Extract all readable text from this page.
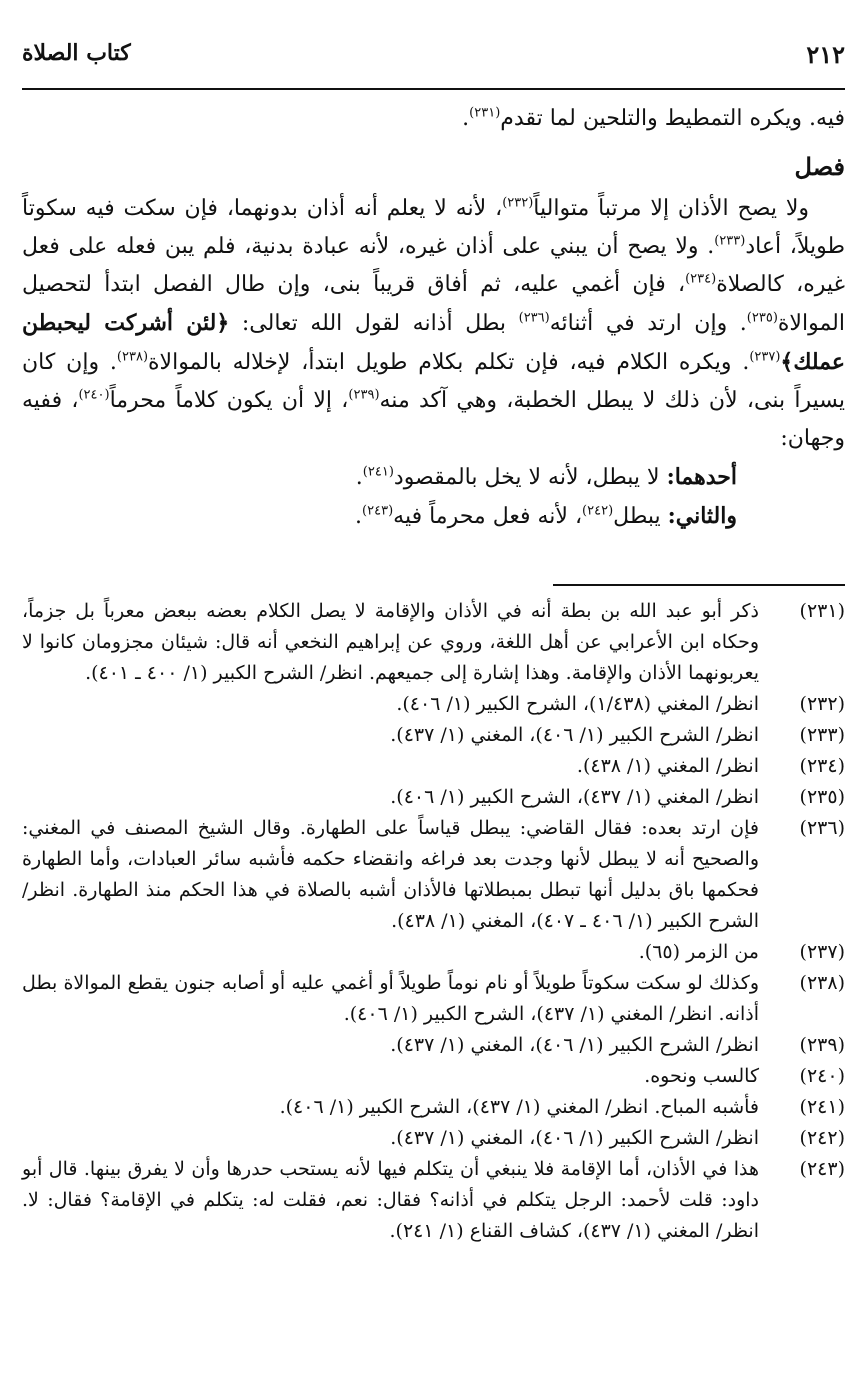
٢١٢
كتاب الصلاة

فيه. ويكره التمطيط والتلحين لما تقدم$^{(٢٣١)}$.

فصل

ولا يصح الأذان إلا مرتباً متوالياً$^{(٢٣٢)}$، لأنه لا يعلم أنه أذان بدونهما، فإن سكت فيه سكوتاً طويلاً، أعاد$^{(٢٣٣)}$. ولا يصح أن يبني على أذان غيره، لأنه عبادة بدنية، فلم يبن فعله على فعل غيره، كالصلاة$^{(٢٣٤)}$، فإن أغمي عليه، ثم أفاق قريباً بنى، وإن طال الفصل ابتدأ لتحصيل الموالاة$^{(٢٣٥)}$. وإن ارتد في أثنائه$^{(٢٣٦)}$ بطل أذانه لقول الله تعالى: ﴿لئن أشركت ليحبطن عملك﴾$^{(٢٣٧)}$. ويكره الكلام فيه، فإن تكلم بكلام طويل ابتدأ، لإخلاله بالموالاة$^{(٢٣٨)}$. وإن كان يسيراً بنى، لأن ذلك لا يبطل الخطبة، وهي آكد منه$^{(٢٣٩)}$، إلا أن يكون كلاماً محرماً$^{(٢٤٠)}$، ففيه وجهان:

أحدهما: لا يبطل، لأنه لا يخل بالمقصود$^{(٢٤١)}$.

والثاني: يبطل$^{(٢٤٢)}$، لأنه فعل محرماً فيه$^{(٢٤٣)}$.

(٢٣١)
ذكر أبو عبد الله بن بطة أنه في الأذان والإقامة لا يصل الكلام بعضه ببعض معرباً بل جزماً، وحكاه ابن الأعرابي عن أهل اللغة، وروي عن إبراهيم النخعي أنه قال: شيئان مجزومان كانوا لا يعربونهما الأذان والإقامة. وهذا إشارة إلى جميعهم. انظر/ الشرح الكبير (١/ ٤٠٠ ـ ٤٠١).
(٢٣٢)
انظر/ المغني (١/٤٣٨)، الشرح الكبير (١/ ٤٠٦).
(٢٣٣)
انظر/ الشرح الكبير (١/ ٤٠٦)، المغني (١/ ٤٣٧).
(٢٣٤)
انظر/ المغني (١/ ٤٣٨).
(٢٣٥)
انظر/ المغني (١/ ٤٣٧)، الشرح الكبير (١/ ٤٠٦).
(٢٣٦)
فإن ارتد بعده: فقال القاضي: يبطل قياساً على الطهارة. وقال الشيخ المصنف في المغني: والصحيح أنه لا يبطل لأنها وجدت بعد فراغه وانقضاء حكمه فأشبه سائر العبادات، وأما الطهارة فحكمها باق بدليل أنها تبطل بمبطلاتها فالأذان أشبه بالصلاة في هذا الحكم منذ الطهارة. انظر/ الشرح الكبير (١/ ٤٠٦ ـ ٤٠٧)، المغني (١/ ٤٣٨).
(٢٣٧)
من الزمر (٦٥).
(٢٣٨)
وكذلك لو سكت سكوتاً طويلاً أو نام نوماً طويلاً أو أغمي عليه أو أصابه جنون يقطع الموالاة بطل أذانه. انظر/ المغني (١/ ٤٣٧)، الشرح الكبير (١/ ٤٠٦).
(٢٣٩)
انظر/ الشرح الكبير (١/ ٤٠٦)، المغني (١/ ٤٣٧).
(٢٤٠)
كالسب ونحوه.
(٢٤١)
فأشبه المباح. انظر/ المغني (١/ ٤٣٧)، الشرح الكبير (١/ ٤٠٦).
(٢٤٢)
انظر/ الشرح الكبير (١/ ٤٠٦)، المغني (١/ ٤٣٧).
(٢٤٣)
هذا في الأذان، أما الإقامة فلا ينبغي أن يتكلم فيها لأنه يستحب حدرها وأن لا يفرق بينها. قال أبو داود: قلت لأحمد: الرجل يتكلم في أذانه؟ فقال: نعم، فقلت له: يتكلم في الإقامة؟ فقال: لا. انظر/ المغني (١/ ٤٣٧)، كشاف القناع (١/ ٢٤١).
